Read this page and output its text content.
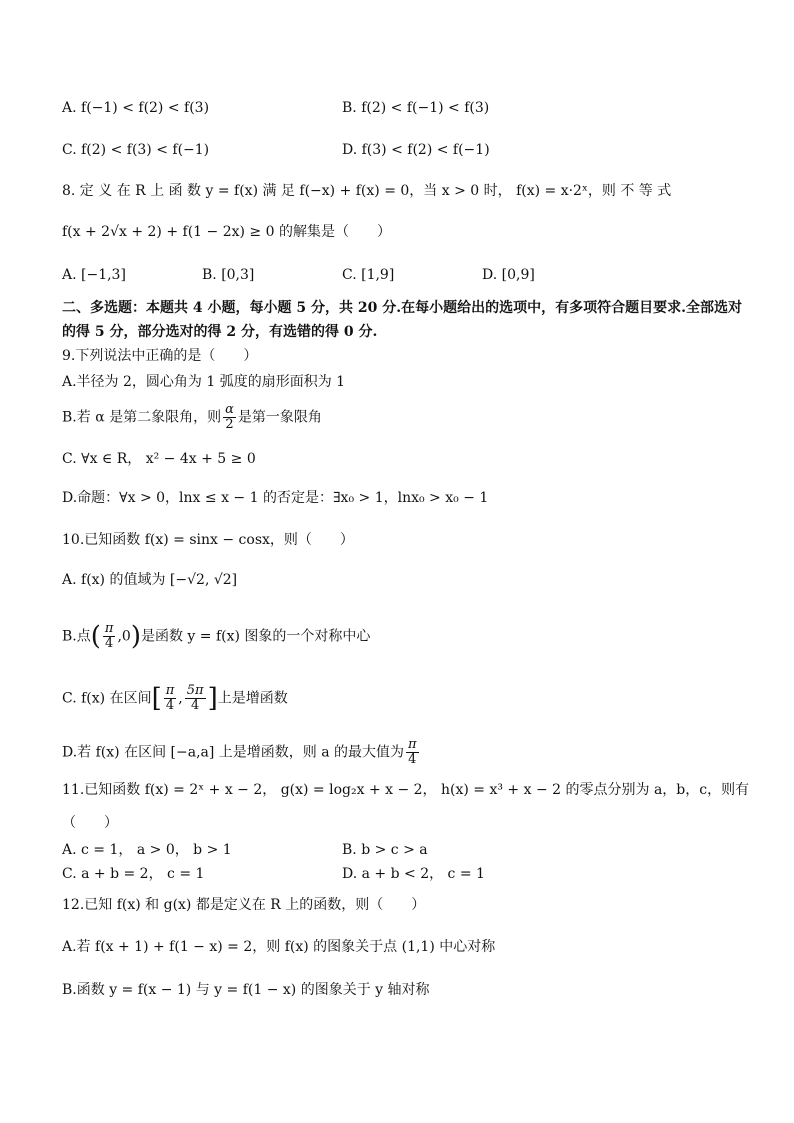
A. f(−1) < f(2) < f(3)	B. f(2) < f(−1) < f(3)
C. f(2) < f(3) < f(−1)	D. f(3) < f(2) < f(−1)
8. 定 义 在 R 上 函 数 y = f(x) 满 足 f(−x) + f(x) = 0，当 x > 0 时， f(x) = x·2ˣ，则 不 等 式
f(x + 2√x + 2) + f(1 − 2x) ≥ 0 的解集是（　　）
A. [−1,3]	B. [0,3]	C. [1,9]	D. [0,9]
二、多选题：本题共 4 小题，每小题 5 分，共 20 分.在每小题给出的选项中，有多项符合题目要求.全部选对
的得 5 分，部分选对的得 2 分，有选错的得 0 分.
9.下列说法中正确的是（　　）
A.半径为 2，圆心角为 1 弧度的扇形面积为 1
B.若 α 是第二象限角，则 $\frac{\alpha}{2}$ 是第一象限角
C. ∀x ∈ R， x² − 4x + 5 ≥ 0
D.命题：∀x > 0，lnx ≤ x − 1 的否定是：∃x₀ > 1，lnx₀ > x₀ − 1
10.已知函数 f(x) = sinx − cosx，则（　　）
A. f(x) 的值域为 [−√2, √2]
B.点( $\frac{\pi}{4} ,0$)是函数 y = f(x) 图象的一个对称中心
C. f(x) 在区间[ $\frac{\pi}{4}$ , $\frac{5\pi}{4}$ ]上是增函数
D.若 f(x) 在区间 [−a,a] 上是增函数，则 a 的最大值为 $\frac{\pi}{4}$
11.已知函数 f(x) = 2ˣ + x − 2， g(x) = log₂x + x − 2， h(x) = x³ + x − 2 的零点分别为 a，b，c，则有
（　　）
A. c = 1， a > 0， b > 1	B. b > c > a
C. a + b = 2， c = 1	D. a + b < 2， c = 1
12.已知 f(x) 和 g(x) 都是定义在 R 上的函数，则（　　）
A.若 f(x + 1) + f(1 − x) = 2，则 f(x) 的图象关于点 (1,1) 中心对称
B.函数 y = f(x − 1) 与 y = f(1 − x) 的图象关于 y 轴对称
